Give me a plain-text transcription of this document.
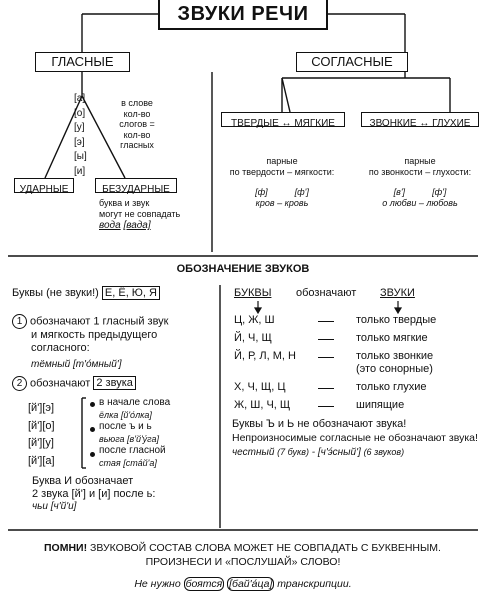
ЗВУКИ РЕЧИ
ГЛАСНЫЕ
[а]
[о]
[у]
[э]
[ы]
[и]
в слове
кол-во
слогов =
кол-во
гласных
УДАРНЫЕ	БЕЗУДАРНЫЕ
буква и звук
могут не совпадать
вода [вада]
СОГЛАСНЫЕ
ТВЕРДЫЕ ↔ МЯГКИЕ	ЗВОНКИЕ ↔ ГЛУХИЕ
парные
по твердости – мягкости:
[ф]	[ф']
кров – кровь
парные
по звонкости – глухости:
[в']	[ф']
о любви – любовь
ОБОЗНАЧЕНИЕ ЗВУКОВ
Буквы (не звуки!) Е, Ё, Ю, Я
1 обозначают 1 гласный звук
и мягкость предыдущего
согласного:
тёмный [т'о́мный']
2 обозначают 2 звука
[й'][э]
[й'][о]
[й'][у]
[й'][а]
в начале слова
ёлка [й'о́лка]
после ъ и ь
вьюга [в'й'у́га]
после гласной
стая [ста́й'а]
Буква И обозначает
2 звука [й'] и [и] после ь:
чьи [ч'й'и]
БУКВЫ обозначают ЗВУКИ
Ц, Ж, Ш	только твердые
Й, Ч, Щ	только мягкие
Й, Р, Л, М, Н	только звонкие
(это сонорные)
Х, Ч, Щ, Ц	только глухие
Ж, Ш, Ч, Щ	шипящие
Буквы Ъ и Ь не обозначают звука!
Непроизносимые согласные не обозначают звука!
честный (7 букв) - [ч'э́сный'] (6 звуков)
ПОМНИ! ЗВУКОВОЙ СОСТАВ СЛОВА МОЖЕТ НЕ СОВПАДАТЬ С БУКВЕННЫМ.
ПРОИЗНЕСИ И «ПОСЛУШАЙ» СЛОВО!
Не нужно боятся [бай'а́ца] транскрипции.
